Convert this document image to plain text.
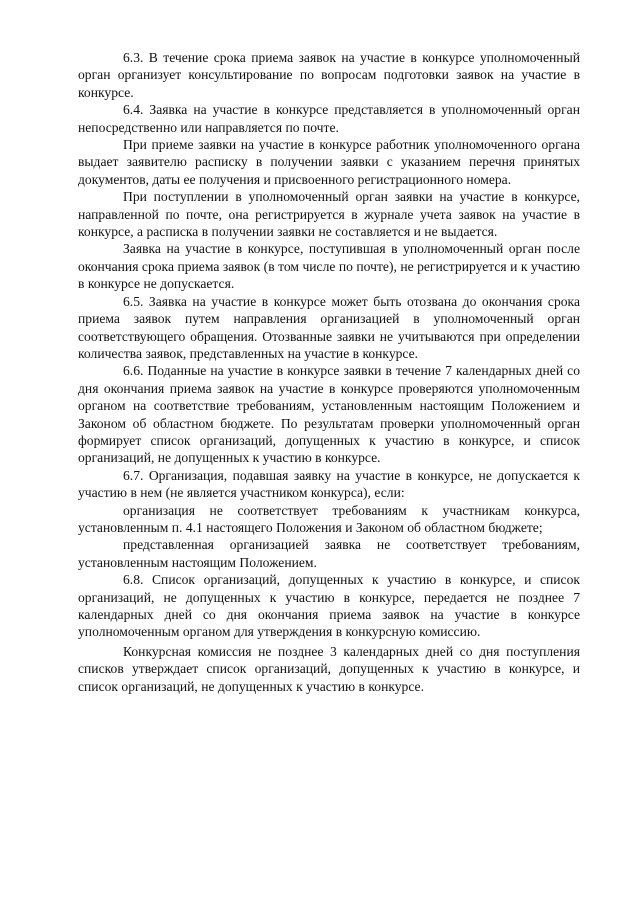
6.3. В течение срока приема заявок на участие в конкурсе уполномоченный орган организует консультирование по вопросам подготовки заявок на участие в конкурсе.

6.4. Заявка на участие в конкурсе представляется в уполномоченный орган непосредственно или направляется по почте.

При приеме заявки на участие в конкурсе работник уполномоченного органа выдает заявителю расписку в получении заявки с указанием перечня принятых документов, даты ее получения и присвоенного регистрационного номера.

При поступлении в уполномоченный орган заявки на участие в конкурсе, направленной по почте, она регистрируется в журнале учета заявок на участие в конкурсе, а расписка в получении заявки не составляется и не выдается.

Заявка на участие в конкурсе, поступившая в уполномоченный орган после окончания срока приема заявок (в том числе по почте), не регистрируется и к участию в конкурсе не допускается.

6.5. Заявка на участие в конкурсе может быть отозвана до окончания срока приема заявок путем направления организацией в уполномоченный орган соответствующего обращения. Отозванные заявки не учитываются при определении количества заявок, представленных на участие в конкурсе.

6.6. Поданные на участие в конкурсе заявки в течение 7 календарных дней со дня окончания приема заявок на участие в конкурсе проверяются уполномоченным органом на соответствие требованиям, установленным настоящим Положением и Законом об областном бюджете. По результатам проверки уполномоченный орган формирует список организаций, допущенных к участию в конкурсе, и список организаций, не допущенных к участию в конкурсе.

6.7. Организация, подавшая заявку на участие в конкурсе, не допускается к участию в нем (не является участником конкурса), если:

организация не соответствует требованиям к участникам конкурса, установленным п. 4.1 настоящего Положения и Законом об областном бюджете;

представленная организацией заявка не соответствует требованиям, установленным настоящим Положением.

6.8. Список организаций, допущенных к участию в конкурсе, и список организаций, не допущенных к участию в конкурсе, передается не позднее 7 календарных дней со дня окончания приема заявок на участие в конкурсе уполномоченным органом для утверждения в конкурсную комиссию.

Конкурсная комиссия не позднее 3 календарных дней со дня поступления списков утверждает список организаций, допущенных к участию в конкурсе, и список организаций, не допущенных к участию в конкурсе.
